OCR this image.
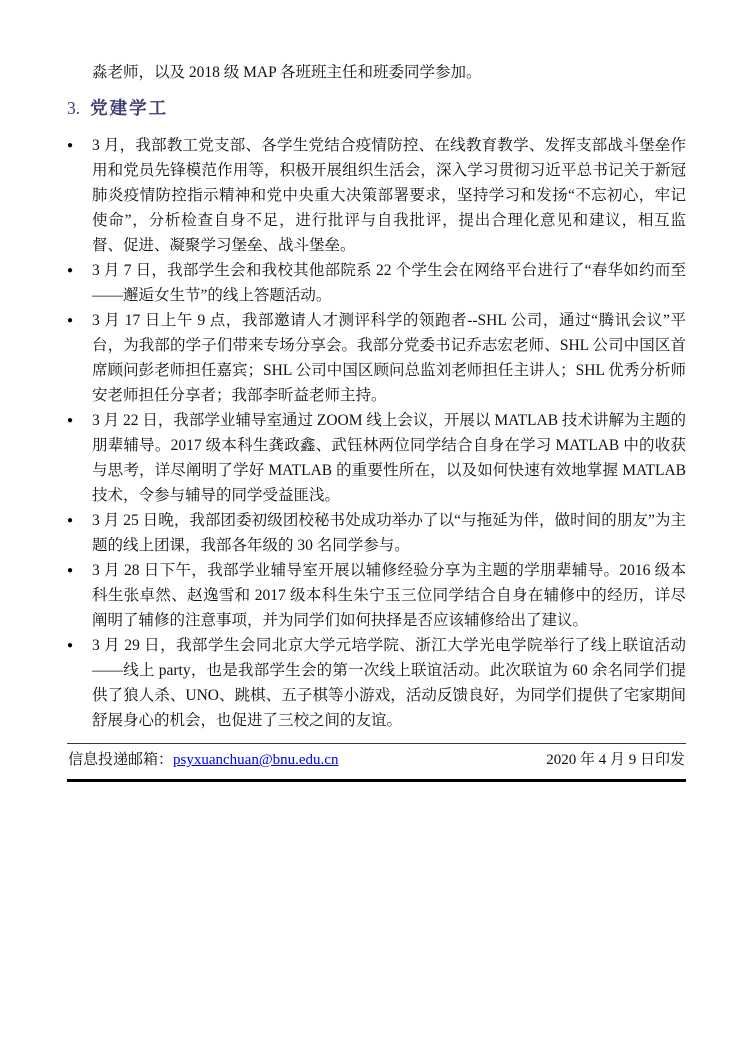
淼老师，以及 2018 级 MAP 各班班主任和班委同学参加。

3. 党建学工
●
3 月，我部教工党支部、各学生党结合疫情防控、在线教育教学、发挥支部战斗堡垒作用和党员先锋模范作用等，积极开展组织生活会，深入学习贯彻习近平总书记关于新冠肺炎疫情防控指示精神和党中央重大决策部署要求，坚持学习和发扬“不忘初心，牢记使命”，分析检查自身不足，进行批评与自我批评，提出合理化意见和建议，相互监督、促进、凝聚学习堡垒、战斗堡垒。
●
3 月 7 日，我部学生会和我校其他部院系 22 个学生会在网络平台进行了“春华如约而至——邂逅女生节”的线上答题活动。
●
3 月 17 日上午 9 点，我部邀请人才测评科学的领跑者--SHL 公司，通过“腾讯会议”平台，为我部的学子们带来专场分享会。我部分党委书记乔志宏老师、SHL 公司中国区首席顾问彭老师担任嘉宾；SHL 公司中国区顾问总监刘老师担任主讲人；SHL 优秀分析师安老师担任分享者；我部李昕益老师主持。
●
3 月 22 日，我部学业辅导室通过 ZOOM 线上会议，开展以 MATLAB 技术讲解为主题的朋辈辅导。2017 级本科生龚政鑫、武钰林两位同学结合自身在学习 MATLAB 中的收获与思考，详尽阐明了学好 MATLAB 的重要性所在，以及如何快速有效地掌握 MATLAB 技术，令参与辅导的同学受益匪浅。
●
3 月 25 日晚，我部团委初级团校秘书处成功举办了以“与拖延为伴，做时间的朋友”为主题的线上团课，我部各年级的 30 名同学参与。
●
3 月 28 日下午，我部学业辅导室开展以辅修经验分享为主题的学朋辈辅导。2016 级本科生张卓然、赵逸雪和 2017 级本科生朱宁玉三位同学结合自身在辅修中的经历，详尽阐明了辅修的注意事项，并为同学们如何抉择是否应该辅修给出了建议。
●
3 月 29 日，我部学生会同北京大学元培学院、浙江大学光电学院举行了线上联谊活动——线上 party，也是我部学生会的第一次线上联谊活动。此次联谊为 60 余名同学们提供了狼人杀、UNO、跳棋、五子棋等小游戏，活动反馈良好，为同学们提供了宅家期间舒展身心的机会，也促进了三校之间的友谊。
信息投递邮箱：psyxuanchuan@bnu.edu.cn	2020 年 4 月 9 日印发
